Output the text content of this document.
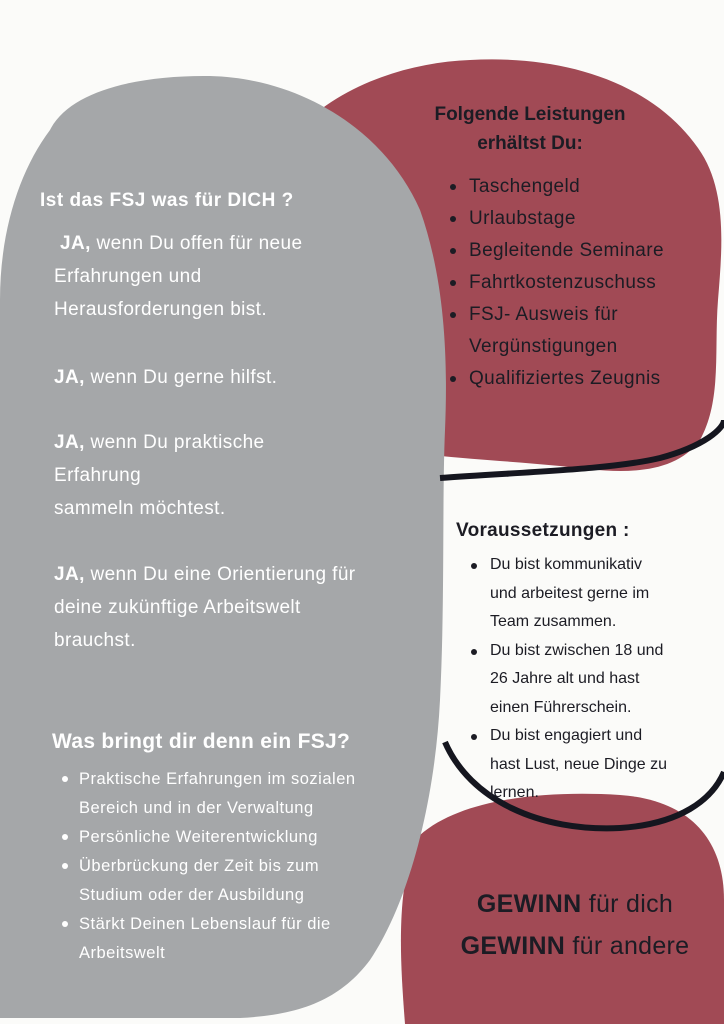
Ist das FSJ was für DICH ?

JA, wenn Du offen für neue
Erfahrungen und
Herausforderungen bist.

JA, wenn Du gerne hilfst.

JA, wenn Du praktische
Erfahrung
sammeln möchtest.

JA, wenn Du eine Orientierung für
deine zukünftige Arbeitswelt
brauchst.

Was bringt dir denn ein FSJ?
Praktische Erfahrungen im sozialen
Bereich und in der Verwaltung
Persönliche Weiterentwicklung
Überbrückung der Zeit bis zum
Studium oder der Ausbildung
Stärkt Deinen Lebenslauf für die
Arbeitswelt
Folgende Leistungen
erhältst Du:
Taschengeld
Urlaubstage
Begleitende Seminare
Fahrtkostenzuschuss
FSJ- Ausweis für
Vergünstigungen
Qualifiziertes Zeugnis
Voraussetzungen :
Du bist kommunikativ
und arbeitest gerne im
Team zusammen.
Du bist zwischen 18 und
26 Jahre alt und hast
einen Führerschein.
Du bist engagiert und
hast Lust, neue Dinge zu
lernen.

GEWINN für dich

GEWINN für andere
